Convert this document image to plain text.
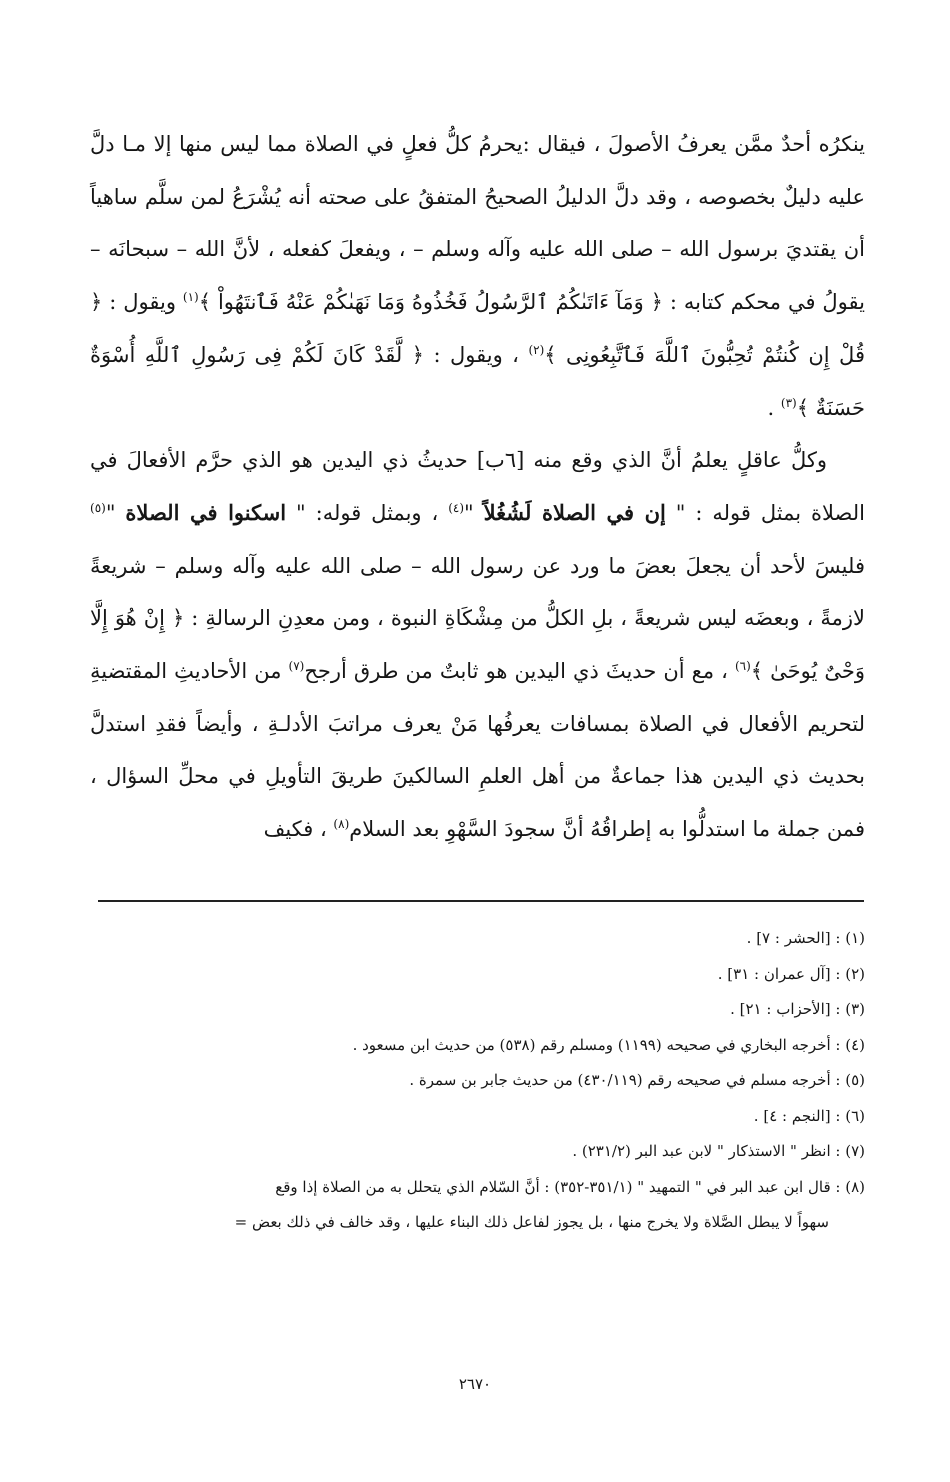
ينكرُه أحدٌ ممَّن يعرفُ الأصولَ ، فيقال :يحرمُ كلُّ فعلٍ في الصلاة مما ليس منها إلا مـا دلَّ عليه دليلٌ بخصوصه ، وقد دلَّ الدليلُ الصحيحُ المتفقُ على صحته أنه يُشْرَعُ لمن سلَّم ساهياً أن يقتديَ برسول الله – صلى الله عليه وآله وسلم – ، ويفعلَ كفعله ، لأنَّ الله – سبحانَه – يقولُ في محكم كتابه : ﴿ وَمَآ ءَاتَىٰكُمُ ٱلرَّسُولُ فَخُذُوهُ وَمَا نَهَىٰكُمْ عَنْهُ فَٱنتَهُواْ ﴾$^{(١)}$ ويقول : ﴿ قُلْ إِن كُنتُمْ تُحِبُّونَ ٱللَّهَ فَٱتَّبِعُونِى ﴾$^{(٢)}$ ، ويقول : ﴿ لَّقَدْ كَانَ لَكُمْ فِى رَسُولِ ٱللَّهِ أُسْوَةٌ حَسَنَةٌ ﴾$^{(٣)}$ .

وكلُّ عاقلٍ يعلمُ أنَّ الذي وقع منه [٦ب] حديثُ ذي اليدين هو الذي حرَّم الأفعالَ في الصلاة بمثل قوله : " إن في الصلاة لَشُغُلاً "$^{(٤)}$ ، وبمثل قوله: " اسكنوا في الصلاة "$^{(٥)}$ فليسَ لأحد أن يجعلَ بعضَ ما ورد عن رسول الله – صلى الله عليه وآله وسلم – شريعةً لازمةً ، وبعضَه ليس شريعةً ، بلِ الكلُّ من مِشْكَاةِ النبوة ، ومن معدِنِ الرسالةِ : ﴿ إِنْ هُوَ إِلَّا وَحْىٌ يُوحَىٰ ﴾$^{(٦)}$ ، مع أن حديثَ ذي اليدين هو ثابتٌ من طرق أرجح$^{(٧)}$ من الأحاديثِ المقتضيةِ لتحريم الأفعال في الصلاة بمسافات يعرفُها مَنْ يعرف مراتبَ الأدلـةِ ، وأيضاً فقدِ استدلَّ بحديث ذي اليدين هذا جماعةٌ من أهل العلمِ السالكينَ طريقَ التأويلِ في محلِّ السؤال ، فمن جملة ما استدلُّوا به إطراقُهُ أنَّ سجودَ السَّهْوِ بعد السلام$^{(٨)}$ ، فكيف

(١) : [الحشر : ٧] .

(٢) : [آل عمران : ٣١] .

(٣) : [الأحزاب : ٢١] .

(٤) : أخرجه البخاري في صحيحه (١١٩٩) ومسلم رقم (٥٣٨) من حديث ابن مسعود .

(٥) : أخرجه مسلم في صحيحه رقم (٤٣٠/١١٩) من حديث جابر بن سمرة .

(٦) : [النجم : ٤] .

(٧) : انظر " الاستذكار " لابن عبد البر (٢٣١/٢) .

(٨) : قال ابن عبد البر في " التمهيد " (٣٥١/١-٣٥٢) : أنَّ السّلام الذي يتحلل به من الصلاة إذا وقع

سهواً لا يبطل الصَّلاة ولا يخرج منها ، بل يجوز لفاعل ذلك البناء عليها ، وقد خالف في ذلك بعض =

٢٦٧٠
